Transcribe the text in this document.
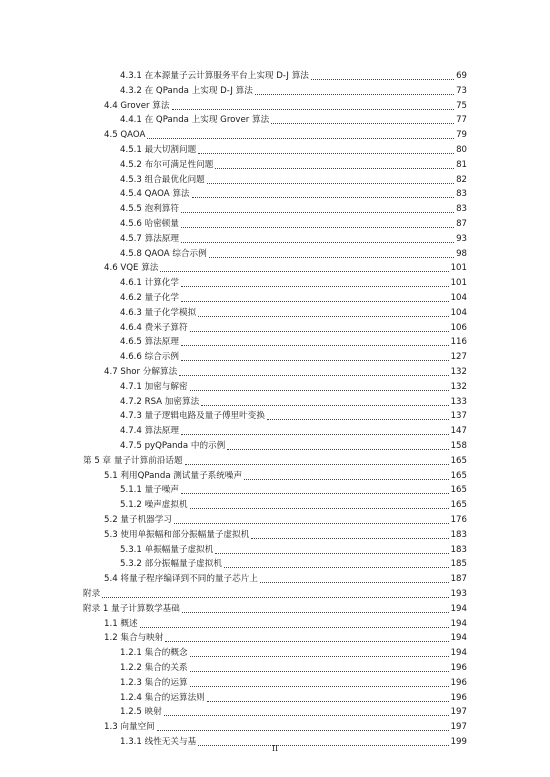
4.3.1 在本源量子云计算服务平台上实现 D-J 算法	69
4.3.2 在 QPanda 上实现 D-J 算法	73
4.4 Grover 算法	75
4.4.1 在 QPanda 上实现 Grover 算法	77
4.5 QAOA	79
4.5.1 最大切割问题	80
4.5.2 布尔可满足性问题	81
4.5.3 组合最优化问题	82
4.5.4 QAOA 算法	83
4.5.5 泡利算符	83
4.5.6 哈密顿量	87
4.5.7 算法原理	93
4.5.8 QAOA 综合示例	98
4.6 VQE 算法	101
4.6.1 计算化学	101
4.6.2 量子化学	104
4.6.3 量子化学模拟	104
4.6.4 费米子算符	106
4.6.5 算法原理	116
4.6.6 综合示例	127
4.7 Shor 分解算法	132
4.7.1 加密与解密	132
4.7.2 RSA 加密算法	133
4.7.3 量子逻辑电路及量子傅里叶变换	137
4.7.4 算法原理	147
4.7.5 pyQPanda 中的示例	158
第 5 章 量子计算前沿话题	165
5.1 利用QPanda 测试量子系统噪声	165
5.1.1 量子噪声	165
5.1.2 噪声虚拟机	165
5.2 量子机器学习	176
5.3 使用单振幅和部分振幅量子虚拟机	183
5.3.1 单振幅量子虚拟机	183
5.3.2 部分振幅量子虚拟机	185
5.4 将量子程序编译到不同的量子芯片上	187
附录	193
附录 1 量子计算数学基础	194
1.1 概述	194
1.2 集合与映射	194
1.2.1 集合的概念	194
1.2.2 集合的关系	196
1.2.3 集合的运算	196
1.2.4 集合的运算法则	196
1.2.5 映射	197
1.3 向量空间	197
1.3.1 线性无关与基	199
II
